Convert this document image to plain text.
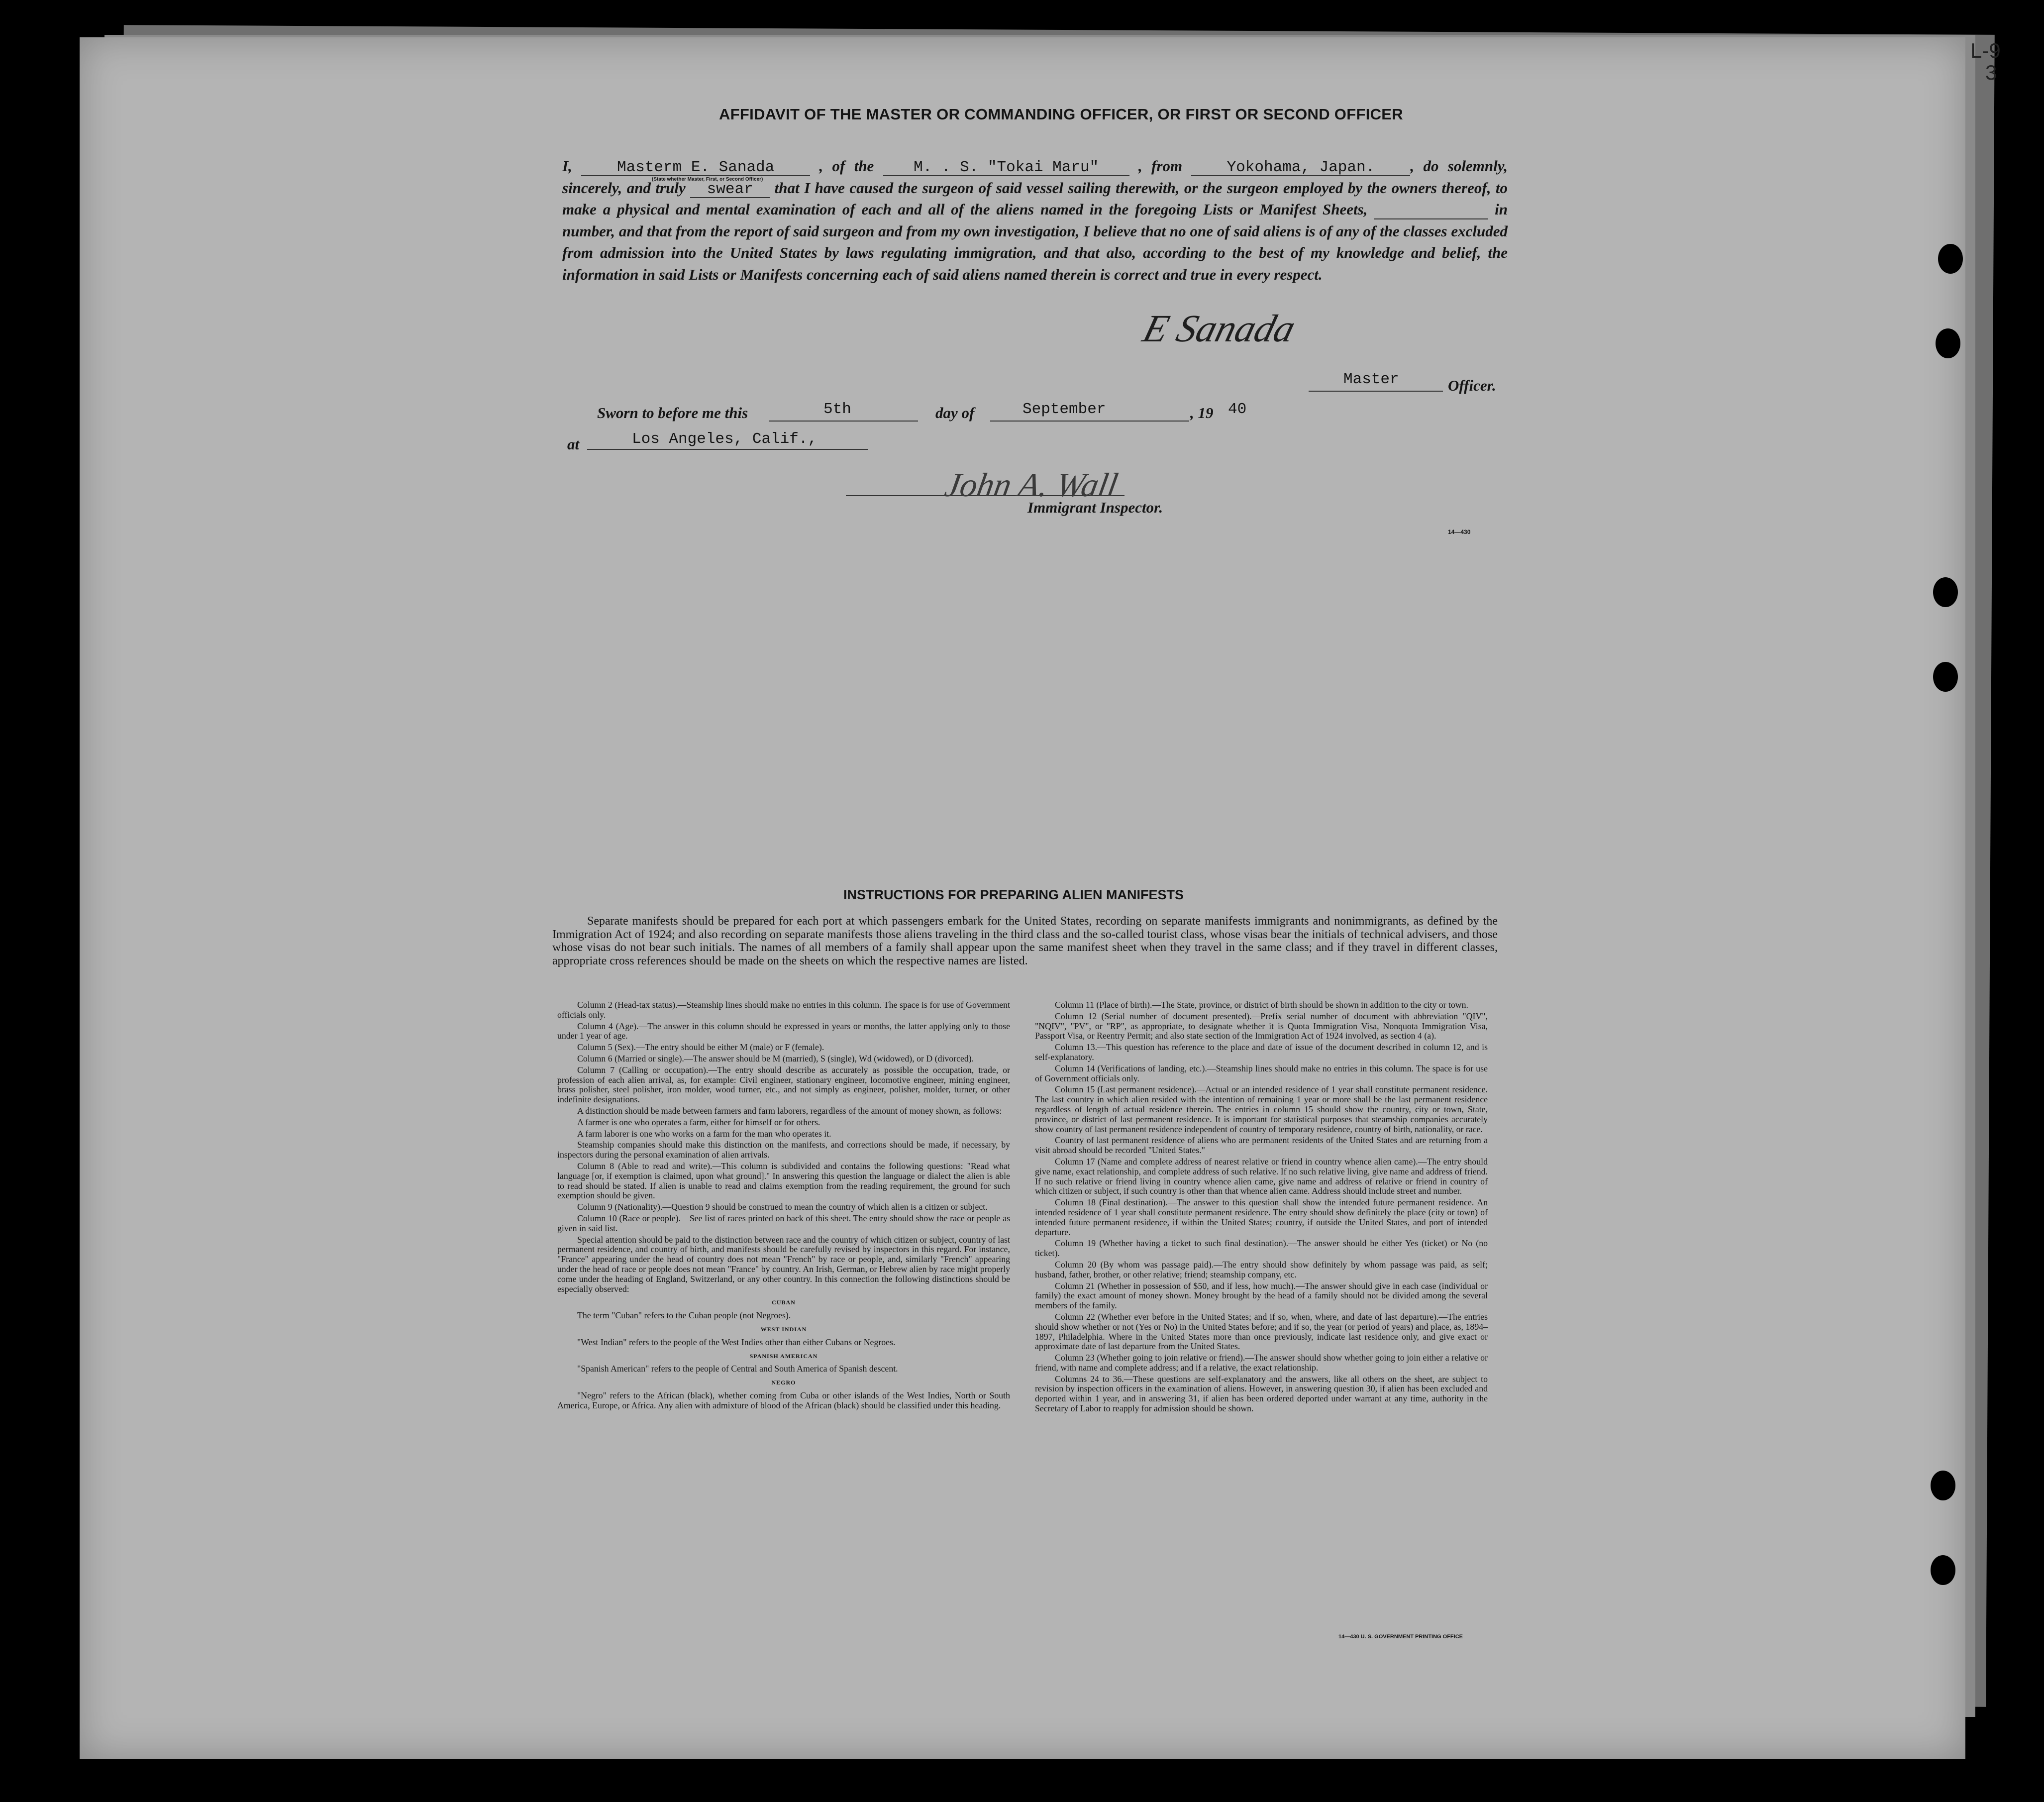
L-9
3
AFFIDAVIT OF THE MASTER OR COMMANDING OFFICER, OR FIRST OR SECOND OFFICER

I,	Masterm E. Sanada	, of the	M. . S. "Tokai Maru"	, from	Yokohama, Japan. , do solemnly, sincerely, and truly swear that I have caused the surgeon of said vessel sailing therewith, or the surgeon employed by the owners thereof, to make a physical and mental examination of each and all of the aliens named in the foregoing Lists or Manifest Sheets,	in number, and that from the report of said surgeon and from my own investigation, I believe that no one of said aliens is of any of the classes excluded from admission into the United States by laws regulating immigration, and that also, according to the best of my knowledge and belief, the information in said Lists or Manifests concerning each of said aliens named therein is correct and true in every respect.

(State whether Master, First, or Second Officer)
E Sanada
Master	Officer.
Sworn to before me this	5th	day of	September	, 19 40
at	Los Angeles, Calif.,
John A. Wall
Immigrant Inspector.
14—430
INSTRUCTIONS FOR PREPARING ALIEN MANIFESTS
Separate manifests should be prepared for each port at which passengers embark for the United States, recording on separate manifests immigrants and nonimmigrants, as defined by the Immigration Act of 1924; and also recording on separate manifests those aliens traveling in the third class and the so-called tourist class, whose visas bear the initials of technical advisers, and those whose visas do not bear such initials. The names of all members of a family shall appear upon the same manifest sheet when they travel in the same class; and if they travel in different classes, appropriate cross references should be made on the sheets on which the respective names are listed.

Column 2 (Head-tax status).—Steamship lines should make no entries in this column. The space is for use of Government officials only.

Column 4 (Age).—The answer in this column should be expressed in years or months, the latter applying only to those under 1 year of age.

Column 5 (Sex).—The entry should be either M (male) or F (female).

Column 6 (Married or single).—The answer should be M (married), S (single), Wd (widowed), or D (divorced).

Column 7 (Calling or occupation).—The entry should describe as accurately as possible the occupation, trade, or profession of each alien arrival, as, for example: Civil engineer, stationary engineer, locomotive engineer, mining engineer, brass polisher, steel polisher, iron molder, wood turner, etc., and not simply as engineer, polisher, molder, turner, or other indefinite designations.

A distinction should be made between farmers and farm laborers, regardless of the amount of money shown, as follows:

A farmer is one who operates a farm, either for himself or for others.

A farm laborer is one who works on a farm for the man who operates it.

Steamship companies should make this distinction on the manifests, and corrections should be made, if necessary, by inspectors during the personal examination of alien arrivals.

Column 8 (Able to read and write).—This column is subdivided and contains the following questions: "Read what language [or, if exemption is claimed, upon what ground]." In answering this question the language or dialect the alien is able to read should be stated. If alien is unable to read and claims exemption from the reading requirement, the ground for such exemption should be given.

Column 9 (Nationality).—Question 9 should be construed to mean the country of which alien is a citizen or subject.

Column 10 (Race or people).—See list of races printed on back of this sheet. The entry should show the race or people as given in said list.

Special attention should be paid to the distinction between race and the country of which citizen or subject, country of last permanent residence, and country of birth, and manifests should be carefully revised by inspectors in this regard. For instance, "France" appearing under the head of country does not mean "French" by race or people, and, similarly "French" appearing under the head of race or people does not mean "France" by country. An Irish, German, or Hebrew alien by race might properly come under the heading of England, Switzerland, or any other country. In this connection the following distinctions should be especially observed:

CUBAN

The term "Cuban" refers to the Cuban people (not Negroes).

WEST INDIAN

"West Indian" refers to the people of the West Indies other than either Cubans or Negroes.

SPANISH AMERICAN

"Spanish American" refers to the people of Central and South America of Spanish descent.

NEGRO

"Negro" refers to the African (black), whether coming from Cuba or other islands of the West Indies, North or South America, Europe, or Africa. Any alien with admixture of blood of the African (black) should be classified under this heading.

Column 11 (Place of birth).—The State, province, or district of birth should be shown in addition to the city or town.

Column 12 (Serial number of document presented).—Prefix serial number of document with abbreviation "QIV", "NQIV", "PV", or "RP", as appropriate, to designate whether it is Quota Immigration Visa, Nonquota Immigration Visa, Passport Visa, or Reentry Permit; and also state section of the Immigration Act of 1924 involved, as section 4 (a).

Column 13.—This question has reference to the place and date of issue of the document described in column 12, and is self-explanatory.

Column 14 (Verifications of landing, etc.).—Steamship lines should make no entries in this column. The space is for use of Government officials only.

Column 15 (Last permanent residence).—Actual or an intended residence of 1 year shall constitute permanent residence. The last country in which alien resided with the intention of remaining 1 year or more shall be the last permanent residence regardless of length of actual residence therein. The entries in column 15 should show the country, city or town, State, province, or district of last permanent residence. It is important for statistical purposes that steamship companies accurately show country of last permanent residence independent of country of temporary residence, country of birth, nationality, or race.

Country of last permanent residence of aliens who are permanent residents of the United States and are returning from a visit abroad should be recorded "United States."

Column 17 (Name and complete address of nearest relative or friend in country whence alien came).—The entry should give name, exact relationship, and complete address of such relative. If no such relative living, give name and address of friend. If no such relative or friend living in country whence alien came, give name and address of relative or friend in country of which citizen or subject, if such country is other than that whence alien came. Address should include street and number.

Column 18 (Final destination).—The answer to this question shall show the intended future permanent residence. An intended residence of 1 year shall constitute permanent residence. The entry should show definitely the place (city or town) of intended future permanent residence, if within the United States; country, if outside the United States, and port of intended departure.

Column 19 (Whether having a ticket to such final destination).—The answer should be either Yes (ticket) or No (no ticket).

Column 20 (By whom was passage paid).—The entry should show definitely by whom passage was paid, as self; husband, father, brother, or other relative; friend; steamship company, etc.

Column 21 (Whether in possession of $50, and if less, how much).—The answer should give in each case (individual or family) the exact amount of money shown. Money brought by the head of a family should not be divided among the several members of the family.

Column 22 (Whether ever before in the United States; and if so, when, where, and date of last departure).—The entries should show whether or not (Yes or No) in the United States before; and if so, the year (or period of years) and place, as, 1894–1897, Philadelphia. Where in the United States more than once previously, indicate last residence only, and give exact or approximate date of last departure from the United States.

Column 23 (Whether going to join relative or friend).—The answer should show whether going to join either a relative or friend, with name and complete address; and if a relative, the exact relationship.

Columns 24 to 36.—These questions are self-explanatory and the answers, like all others on the sheet, are subject to revision by inspection officers in the examination of aliens. However, in answering question 30, if alien has been excluded and deported within 1 year, and in answering 31, if alien has been ordered deported under warrant at any time, authority in the Secretary of Labor to reapply for admission should be shown.

14—430 U. S. GOVERNMENT PRINTING OFFICE
